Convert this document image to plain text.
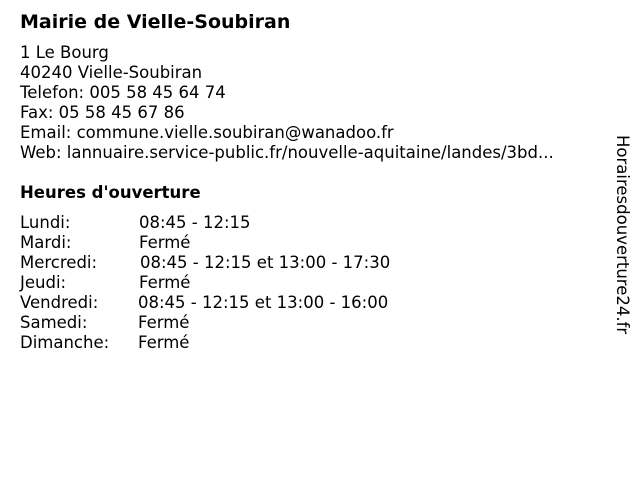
Mairie de Vielle-Soubiran
1 Le Bourg
40240 Vielle-Soubiran
Telefon: 005 58 45 64 74
Fax: 05 58 45 67 86
Email: commune.vielle.soubiran@wanadoo.fr
Web: lannuaire.service-public.fr/nouvelle-aquitaine/landes/3bd...
Heures d'ouverture
Lundi:	08:45 - 12:15
Mardi:	Fermé
Mercredi:	08:45 - 12:15 et 13:00 - 17:30
Jeudi:	Fermé
Vendredi: 08:45 - 12:15 et 13:00 - 16:00
Samedi:	Fermé
Dimanche: Fermé
Horairesdouverture24.fr
